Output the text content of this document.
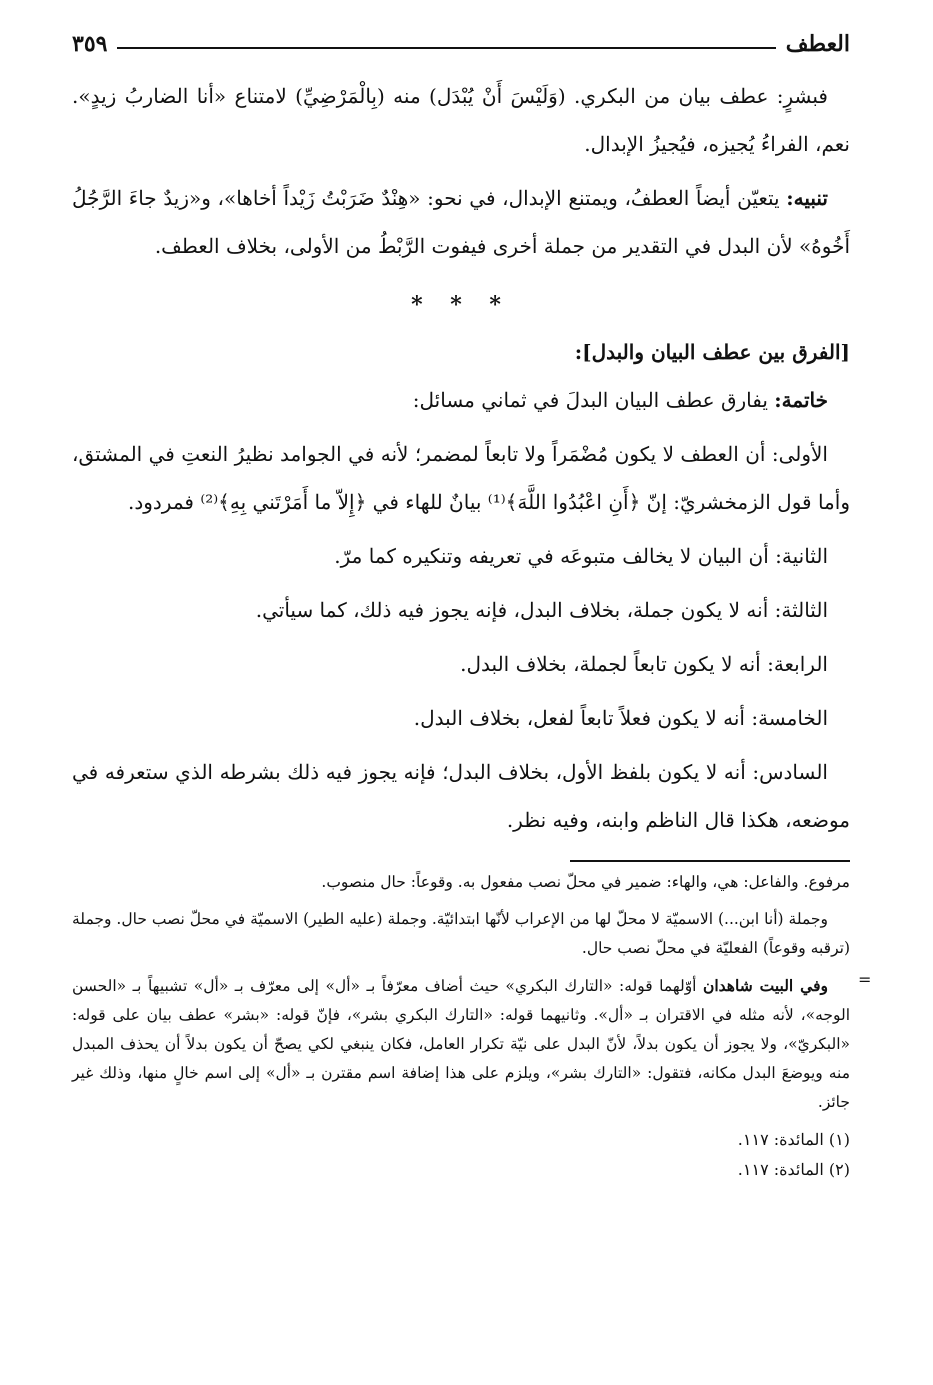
العطف
٣٥٩

فبشرٍ: عطف بيان من البكري. (وَلَيْسَ أَنْ يُبْدَل) منه (بِالْمَرْضِيِّ) لامتناع «أنا الضاربُ زيدٍ». نعم، الفراءُ يُجيزه، فيُجيزُ الإبدال.

تنبيه: يتعيّن أيضاً العطفُ، ويمتنع الإبدال، في نحو: «هِنْدٌ ضَرَبْتُ زَيْداً أخاها»، و«زيدٌ جاءَ الرَّجُلُ أَخُوهُ» لأن البدل في التقدير من جملة أخرى فيفوت الرَّبْطُ من الأولى، بخلاف العطف.

* * *

[الفرق بين عطف البيان والبدل]:

خاتمة: يفارق عطف البيان البدلَ في ثماني مسائل:

الأولى: أن العطف لا يكون مُضْمَراً ولا تابعاً لمضمر؛ لأنه في الجوامد نظيرُ النعتِ في المشتق، وأما قول الزمخشريّ: إنّ ﴿أَنِ اعْبُدُوا اللَّهَ﴾⁽¹⁾ بيانٌ للهاء في ﴿إِلاّ ما أَمَرْتَني بِهِ﴾⁽²⁾ فمردود.

الثانية: أن البيان لا يخالف متبوعَه في تعريفه وتنكيره كما مرّ.

الثالثة: أنه لا يكون جملة، بخلاف البدل، فإنه يجوز فيه ذلك، كما سيأتي.

الرابعة: أنه لا يكون تابعاً لجملة، بخلاف البدل.

الخامسة: أنه لا يكون فعلاً تابعاً لفعل، بخلاف البدل.

السادس: أنه لا يكون بلفظ الأول، بخلاف البدل؛ فإنه يجوز فيه ذلك بشرطه الذي ستعرفه في موضعه، هكذا قال الناظم وابنه، وفيه نظر.

مرفوع. والفاعل: هي، والهاء: ضمير في محلّ نصب مفعول به. وقوعاً: حال منصوب.

وجملة (أنا ابن...) الاسميّة لا محلّ لها من الإعراب لأنّها ابتدائيّة. وجملة (عليه الطير) الاسميّة في محلّ نصب حال. وجملة (ترقبه وقوعاً) الفعليّة في محلّ نصب حال.

وفي البيت شاهدان أوّلهما قوله: «التارك البكري» حيث أضاف معرّفاً بـ «أل» إلى معرّف بـ «أل» تشبيهاً بـ «الحسن الوجه»، لأنه مثله في الاقتران بـ «أل». وثانيهما قوله: «التارك البكري بشر»، فإنّ قوله: «بشر» عطف بيان على قوله: «البكريّ»، ولا يجوز أن يكون بدلاً، لأنّ البدل على نيّة تكرار العامل، فكان ينبغي لكي يصحّ أن يكون بدلاً أن يحذف المبدل منه ويوضعَ البدل مكانه، فتقول: «التارك بشر»، ويلزم على هذا إضافة اسم مقترن بـ «أل» إلى اسم خالٍ منها، وذلك غير جائز.

(١) المائدة: ١١٧.

(٢) المائدة: ١١٧.

=
